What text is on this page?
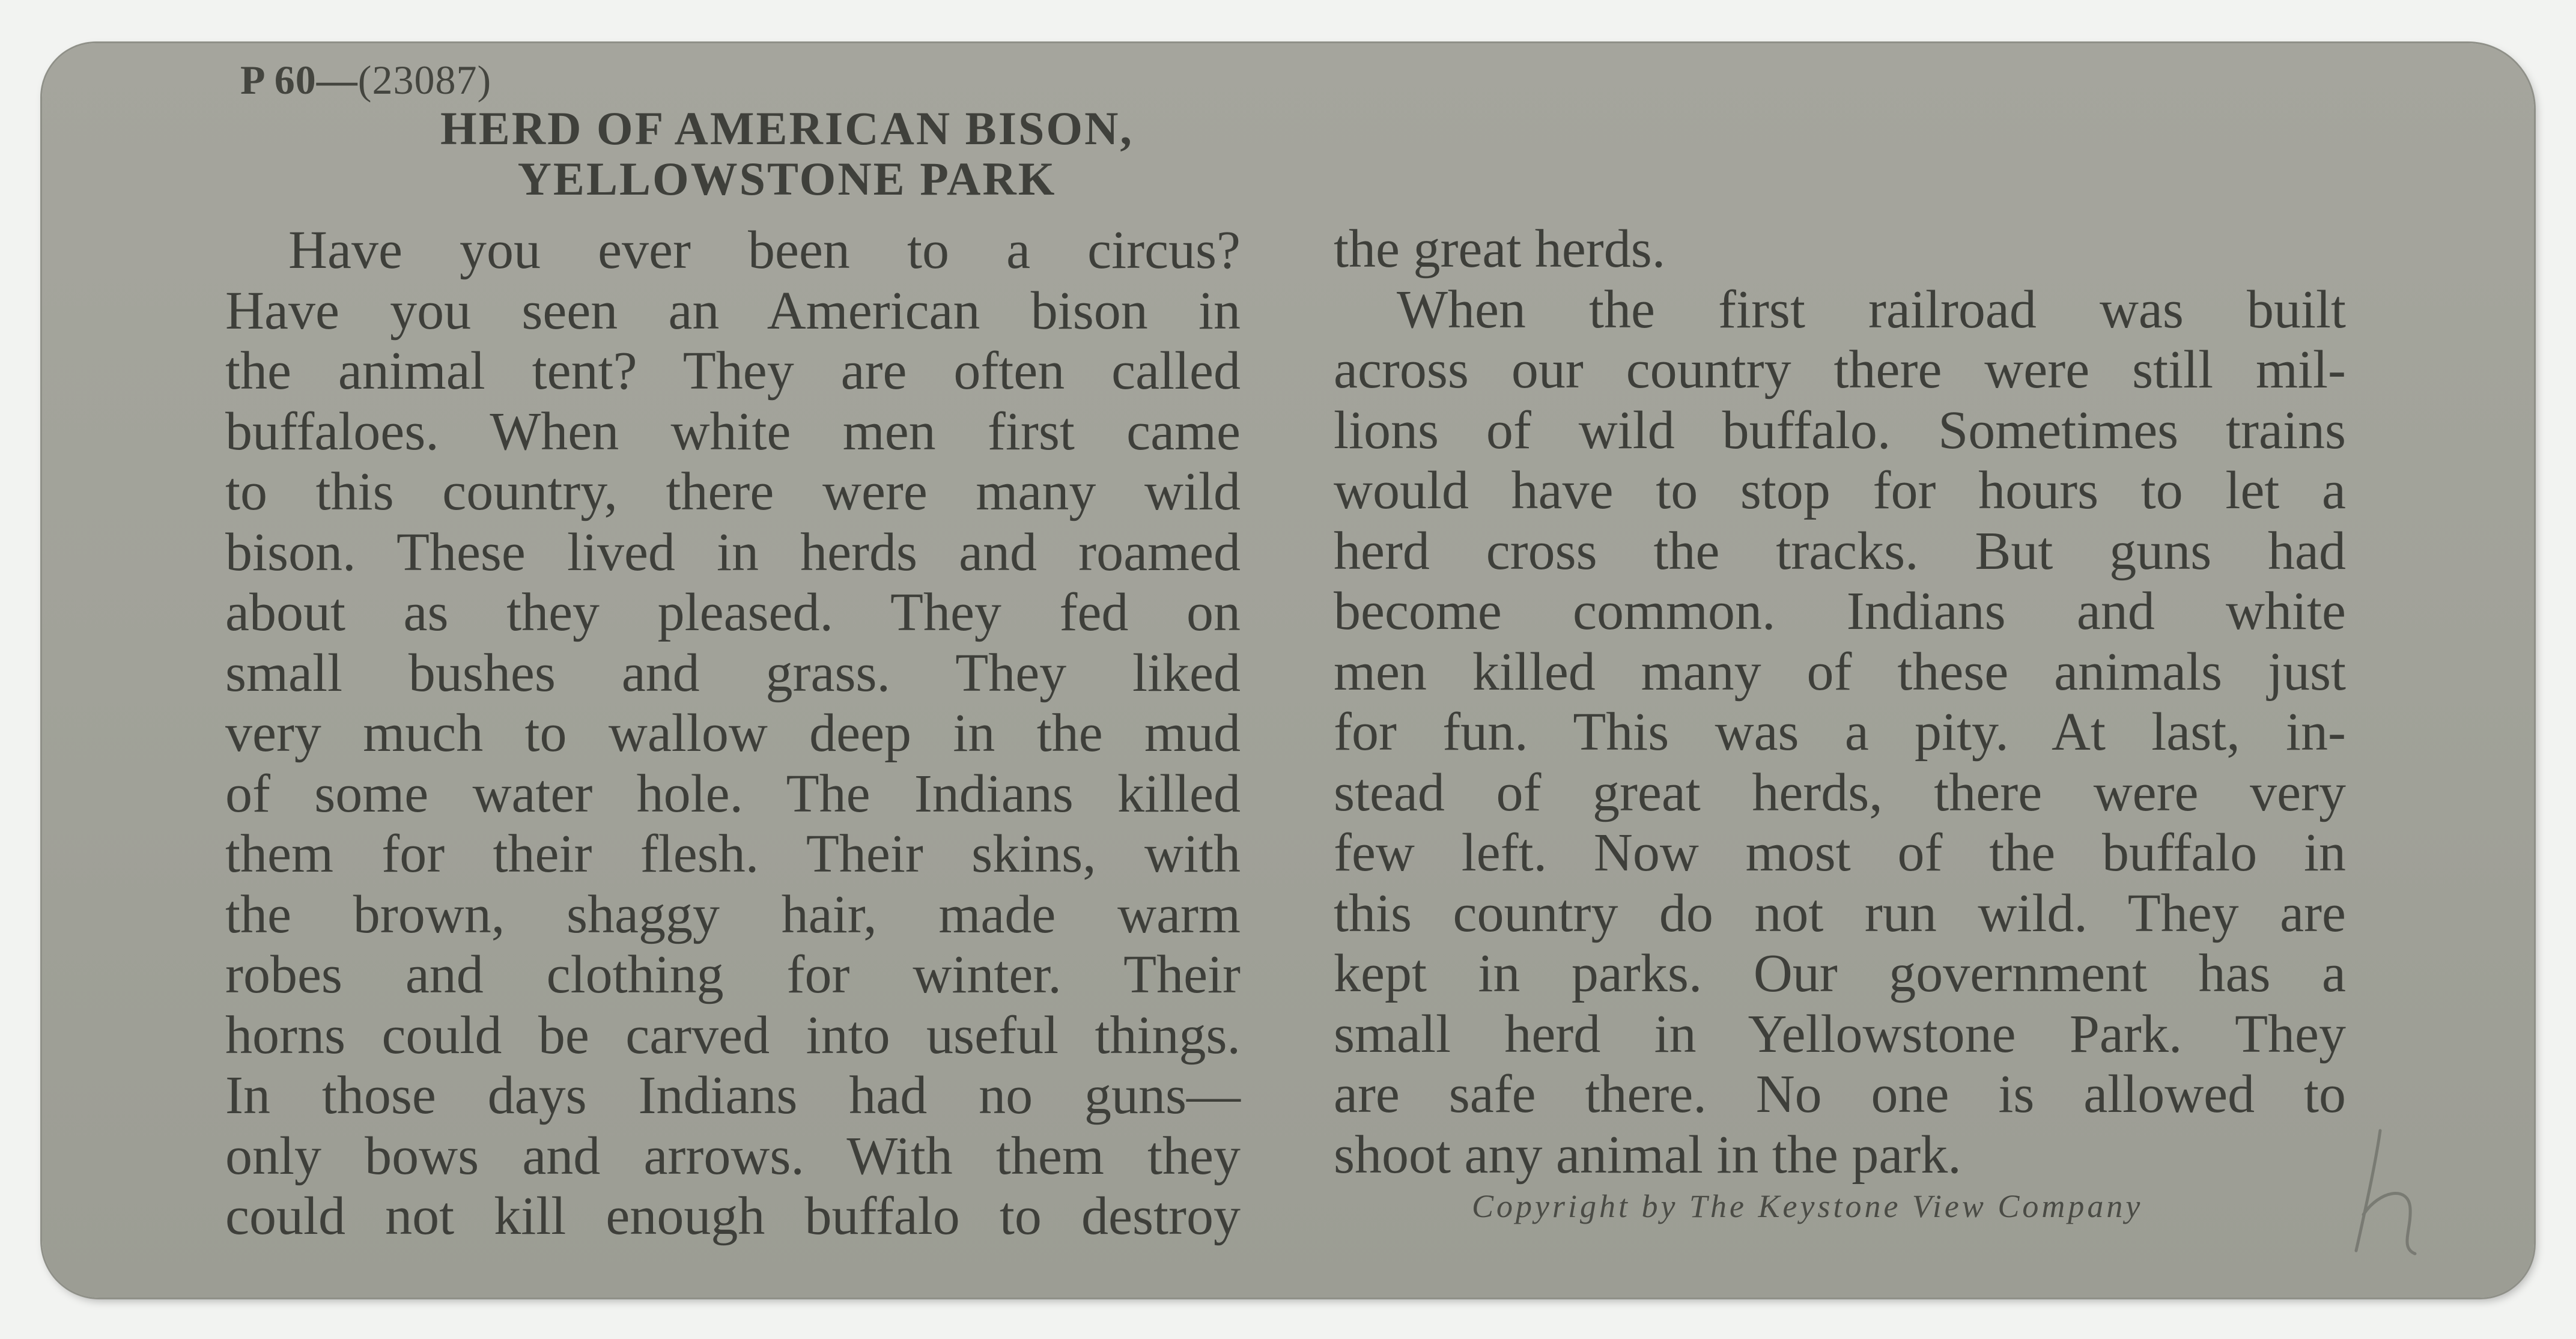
P 60—(23087)
HERD OF AMERICAN BISON,
YELLOWSTONE PARK
Have you ever been to a circus?
Have you seen an American bison in
the animal tent? They are often called
buffaloes. When white men first came
to this country, there were many wild
bison. These lived in herds and roamed
about as they pleased. They fed on
small bushes and grass. They liked
very much to wallow deep in the mud
of some water hole. The Indians killed
them for their flesh. Their skins, with
the brown, shaggy hair, made warm
robes and clothing for winter. Their
horns could be carved into useful things.
In those days Indians had no guns—
only bows and arrows. With them they
could not kill enough buffalo to destroy
the great herds.
When the first railroad was built
across our country there were still mil-
lions of wild buffalo. Sometimes trains
would have to stop for hours to let a
herd cross the tracks. But guns had
become common. Indians and white
men killed many of these animals just
for fun. This was a pity. At last, in-
stead of great herds, there were very
few left. Now most of the buffalo in
this country do not run wild. They are
kept in parks. Our government has a
small herd in Yellowstone Park. They
are safe there. No one is allowed to
shoot any animal in the park.
Copyright by The Keystone View Company
